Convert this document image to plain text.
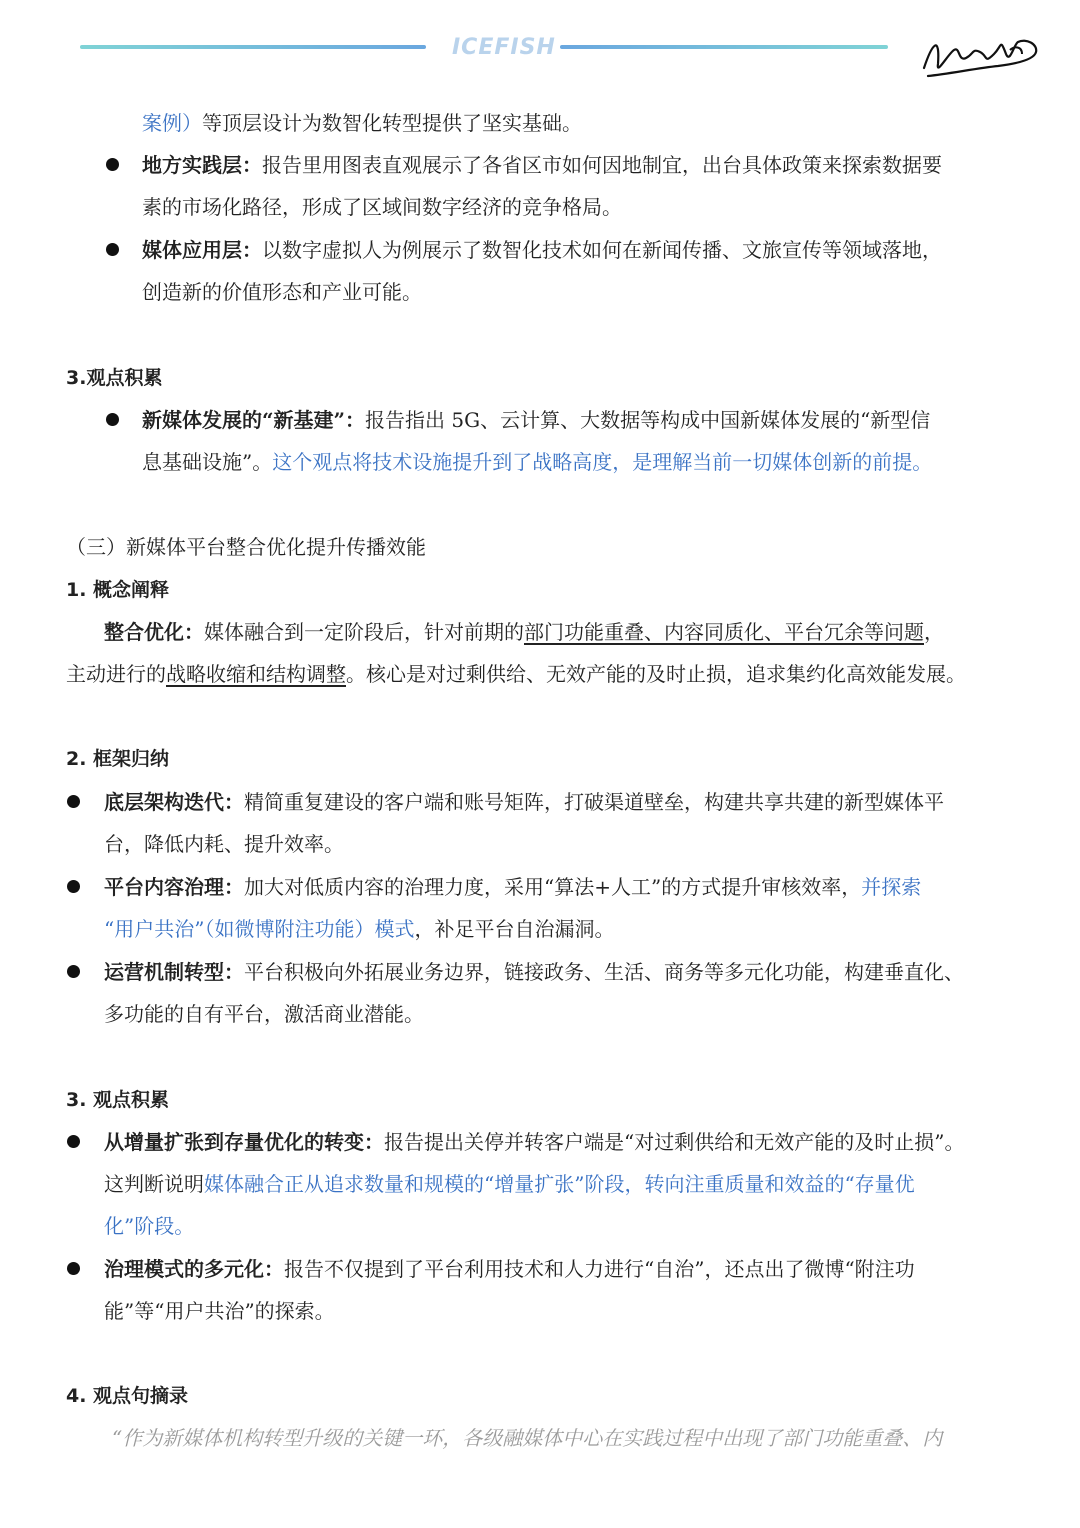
ICEFISH
案例）等顶层设计为数智化转型提供了坚实基础。
地方实践层：报告里用图表直观展示了各省区市如何因地制宜，出台具体政策来探索数据要
素的市场化路径，形成了区域间数字经济的竞争格局。
媒体应用层：以数字虚拟人为例展示了数智化技术如何在新闻传播、文旅宣传等领域落地，
创造新的价值形态和产业可能。
3.观点积累
新媒体发展的“新基建”：报告指出 5G、云计算、大数据等构成中国新媒体发展的“新型信
息基础设施”。这个观点将技术设施提升到了战略高度，是理解当前一切媒体创新的前提。
（三）新媒体平台整合优化提升传播效能
1. 概念阐释
整合优化：媒体融合到一定阶段后，针对前期的部门功能重叠、内容同质化、平台冗余等问题，
主动进行的战略收缩和结构调整。核心是对过剩供给、无效产能的及时止损，追求集约化高效能发展。
2. 框架归纳
底层架构迭代：精简重复建设的客户端和账号矩阵，打破渠道壁垒，构建共享共建的新型媒体平
台，降低内耗、提升效率。
平台内容治理：加大对低质内容的治理力度，采用“算法+人工”的方式提升审核效率，并探索
“用户共治”（如微博附注功能）模式，补足平台自治漏洞。
运营机制转型：平台积极向外拓展业务边界，链接政务、生活、商务等多元化功能，构建垂直化、
多功能的自有平台，激活商业潜能。
3. 观点积累
从增量扩张到存量优化的转变：报告提出关停并转客户端是“对过剩供给和无效产能的及时止损”。
这判断说明媒体融合正从追求数量和规模的“增量扩张”阶段，转向注重质量和效益的“存量优
化”阶段。
治理模式的多元化：报告不仅提到了平台利用技术和人力进行“自治”，还点出了微博“附注功
能”等“用户共治”的探索。
4. 观点句摘录
“作为新媒体机构转型升级的关键一环，各级融媒体中心在实践过程中出现了部门功能重叠、内
